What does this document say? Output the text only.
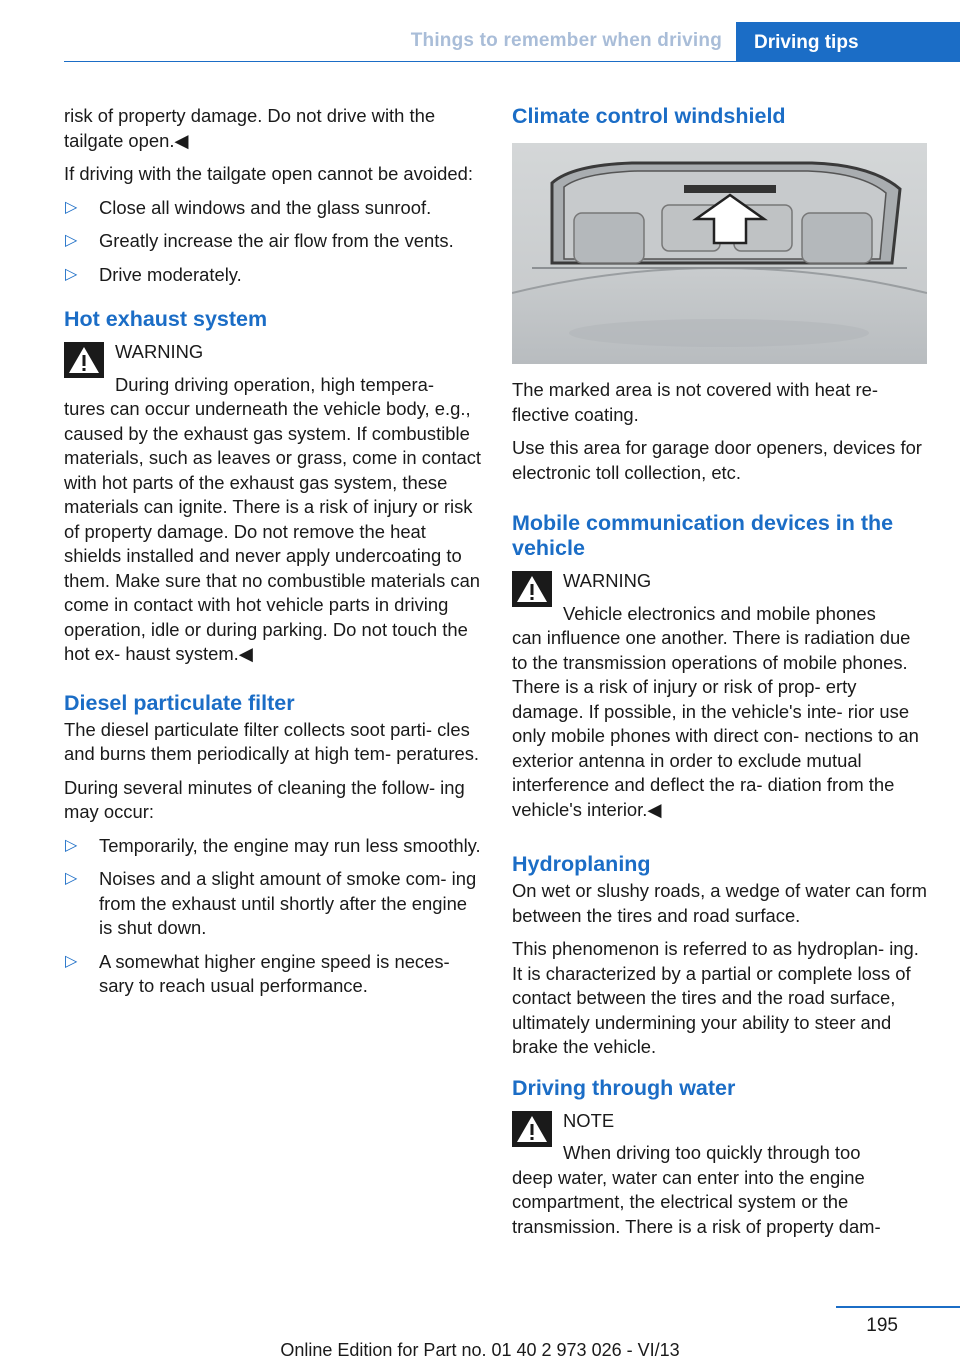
Things to remember when driving	Driving tips

risk of property damage. Do not drive with the tailgate open.◀

If driving with the tailgate open cannot be avoided:

▷ Close all windows and the glass sunroof.
▷ Greatly increase the air flow from the vents.
▷ Drive moderately.
Hot exhaust system
WARNING
During driving operation, high tempera‐
tures can occur underneath the vehicle body, e.g., caused by the exhaust gas system. If combustible materials, such as leaves or grass, come in contact with hot parts of the exhaust gas system, these materials can ignite. There is a risk of injury or risk of property damage. Do not remove the heat shields installed and never apply undercoating to them. Make sure that no combustible materials can come in contact with hot vehicle parts in driving operation, idle or during parking. Do not touch the hot ex‐ haust system.◀
Diesel particulate filter

The diesel particulate filter collects soot parti‐ cles and burns them periodically at high tem‐ peratures.

During several minutes of cleaning the follow‐ ing may occur:

▷ Temporarily, the engine may run less smoothly.
▷ Noises and a slight amount of smoke com‐ ing from the exhaust until shortly after the engine is shut down.
▷ A somewhat higher engine speed is neces‐ sary to reach usual performance.
Climate control windshield

The marked area is not covered with heat re‐ flective coating.

Use this area for garage door openers, devices for electronic toll collection, etc.

Mobile communication devices in the vehicle
WARNING
Vehicle electronics and mobile phones
can influence one another. There is radiation due to the transmission operations of mobile phones. There is a risk of injury or risk of prop‐ erty damage. If possible, in the vehicle's inte‐ rior use only mobile phones with direct con‐ nections to an exterior antenna in order to exclude mutual interference and deflect the ra‐ diation from the vehicle's interior.◀
Hydroplaning

On wet or slushy roads, a wedge of water can form between the tires and road surface.

This phenomenon is referred to as hydroplan‐ ing. It is characterized by a partial or complete loss of contact between the tires and the road surface, ultimately undermining your ability to steer and brake the vehicle.

Driving through water
NOTE
When driving too quickly through too
deep water, water can enter into the engine compartment, the electrical system or the transmission. There is a risk of property dam‐
195
Online Edition for Part no. 01 40 2 973 026 - VI/13
